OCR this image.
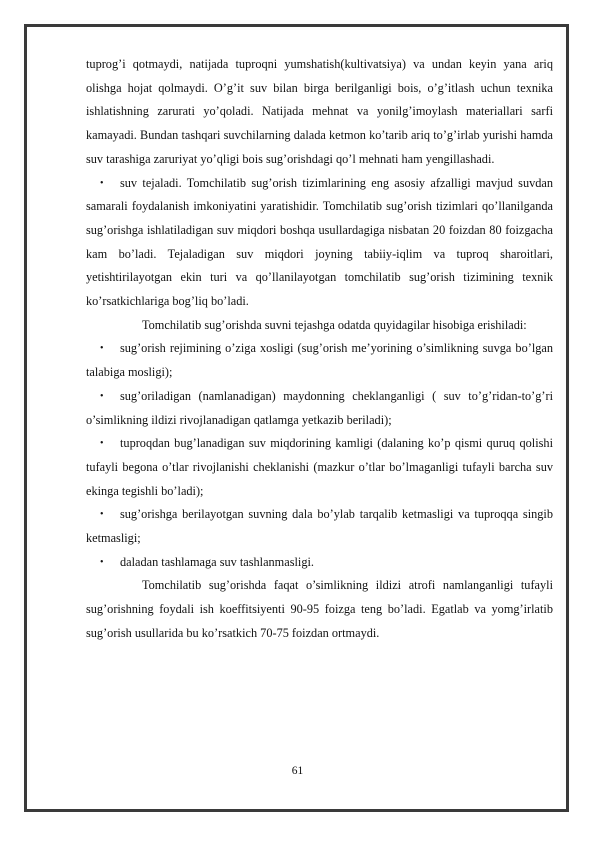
tuprog’i qotmaydi, natijada tuproqni yumshatish(kultivatsiya) va undan keyin yana ariq olishga hojat qolmaydi. O’g’it suv bilan birga berilganligi bois, o’g’itlash uchun texnika ishlatishning zarurati yo’qoladi. Natijada mehnat va yonilg’imoylash materiallari sarfi kamayadi. Bundan tashqari suvchilarning dalada ketmon ko’tarib ariq to’g’irlab yurishi hamda suv tarashiga zaruriyat yo’qligi bois sug’orishdagi qo’l mehnati ham yengillashadi.

• suv tejaladi. Tomchilatib sug’orish tizimlarining eng asosiy afzalligi mavjud suvdan samarali foydalanish imkoniyatini yaratishidir. Tomchilatib sug’orish tizimlari qo’llanilganda sug’orishga ishlatiladigan suv miqdori boshqa usullardagiga nisbatan 20 foizdan 80 foizgacha kam bo’ladi. Tejaladigan suv miqdori joyning tabiiy-iqlim va tuproq sharoitlari, yetishtirilayotgan ekin turi va qo’llanilayotgan tomchilatib sug’orish tizimining texnik ko’rsatkichlariga bog’liq bo’ladi.

Tomchilatib sug’orishda suvni tejashga odatda quyidagilar hisobiga erishiladi:

• sug’orish rejimining o’ziga xosligi (sug’orish me’yorining o’simlikning suvga bo’lgan talabiga mosligi);

• sug’oriladigan (namlanadigan) maydonning cheklanganligi ( suv to’g’ridan-to’g’ri o’simlikning ildizi rivojlanadigan qatlamga yetkazib beriladi);

• tuproqdan bug’lanadigan suv miqdorining kamligi (dalaning ko’p qismi quruq qolishi tufayli begona o’tlar rivojlanishi cheklanishi (mazkur o’tlar bo’lmaganligi tufayli barcha suv ekinga tegishli bo’ladi);

• sug’orishga berilayotgan suvning dala bo’ylab tarqalib ketmasligi va tuproqqa singib ketmasligi;

• daladan tashlamaga suv tashlanmasligi.

Tomchilatib sug’orishda faqat o’simlikning ildizi atrofi namlanganligi tufayli sug’orishning foydali ish koeffitsiyenti 90-95 foizga teng bo’ladi. Egatlab va yomg’irlatib sug’orish usullarida bu ko’rsatkich 70-75 foizdan ortmaydi.

61
